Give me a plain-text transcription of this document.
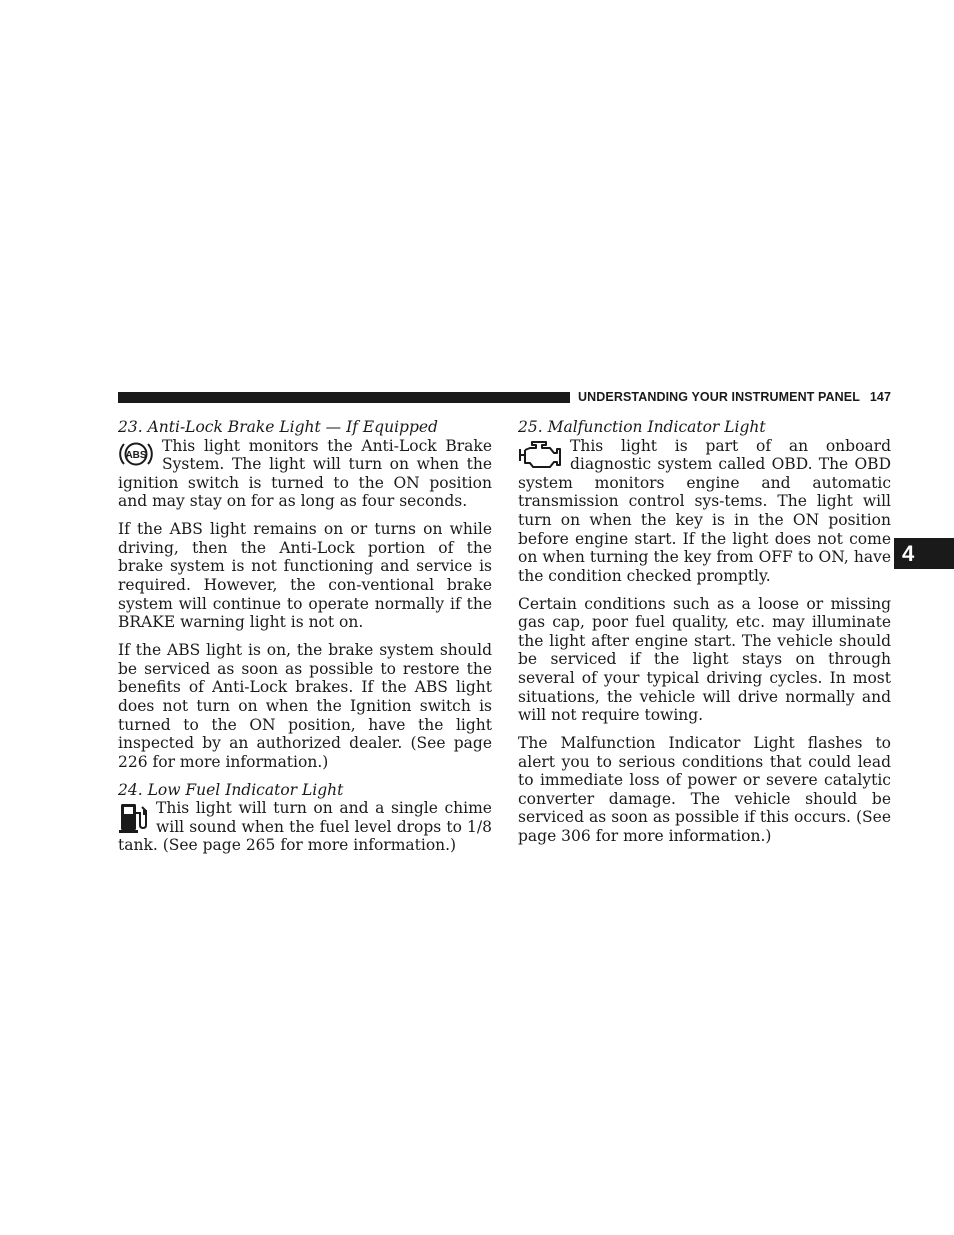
UNDERSTANDING YOUR INSTRUMENT PANEL 147
4
23. Anti-Lock Brake Light — If Equipped
ABS

This light monitors the Anti-Lock Brake System. The light will turn on when the ignition switch is turned to the ON position and may stay on for as long as four seconds.

If the ABS light remains on or turns on while driving, then the Anti-Lock portion of the brake system is not functioning and service is required. However, the con-ventional brake system will continue to operate normally if the BRAKE warning light is not on.

If the ABS light is on, the brake system should be serviced as soon as possible to restore the benefits of Anti-Lock brakes. If the ABS light does not turn on when the Ignition switch is turned to the ON position, have the light inspected by an authorized dealer. (See page 226 for more information.)

24. Low Fuel Indicator Light

This light will turn on and a single chime will sound when the fuel level drops to 1/8 tank. (See page 265 for more information.)

25. Malfunction Indicator Light

This light is part of an onboard diagnostic system called OBD. The OBD system monitors engine and automatic transmission control sys-tems. The light will turn on when the key is in the ON position before engine start. If the light does not come on when turning the key from OFF to ON, have the condition checked promptly.

Certain conditions such as a loose or missing gas cap, poor fuel quality, etc. may illuminate the light after engine start. The vehicle should be serviced if the light stays on through several of your typical driving cycles. In most situations, the vehicle will drive normally and will not require towing.

The Malfunction Indicator Light flashes to alert you to serious conditions that could lead to immediate loss of power or severe catalytic converter damage. The vehicle should be serviced as soon as possible if this occurs. (See page 306 for more information.)
